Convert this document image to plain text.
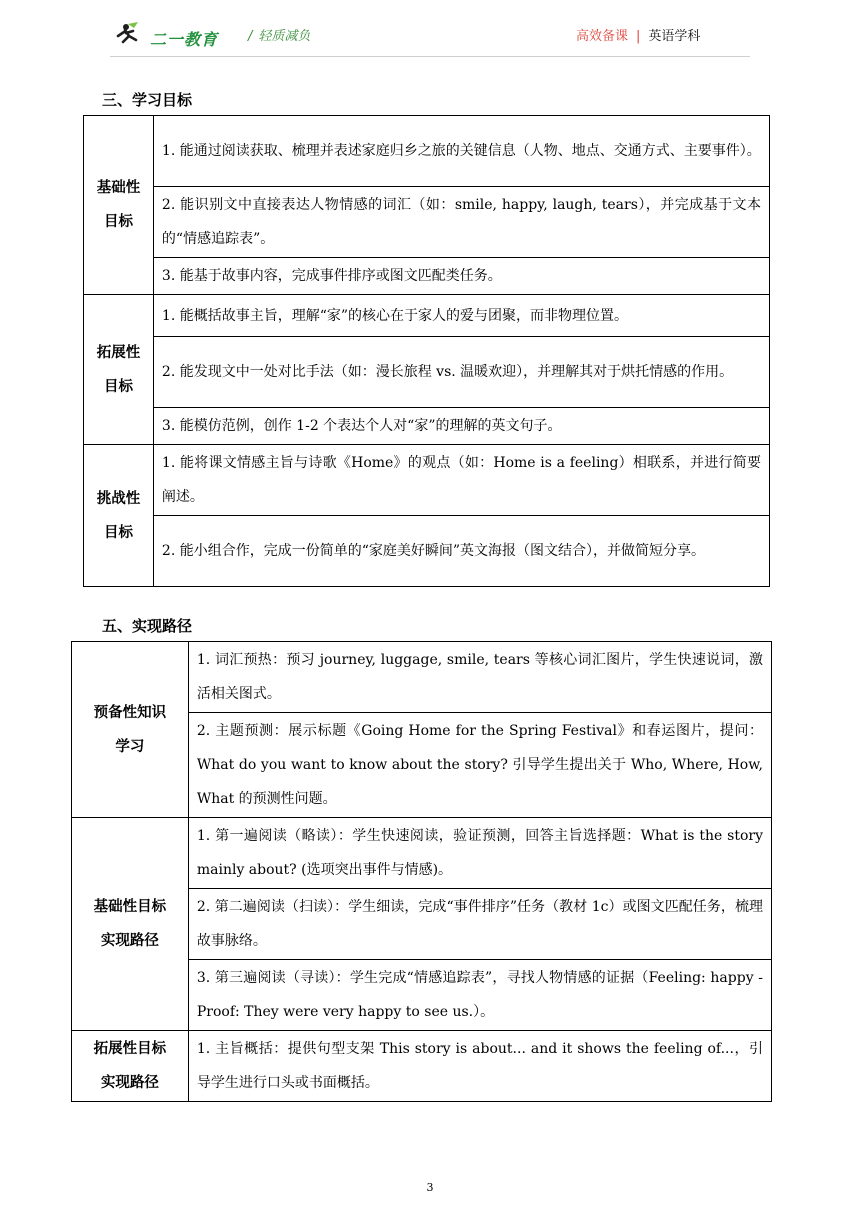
二一教育 / 轻质减负	高效备课 | 英语学科
三、学习目标
基础性
目标	1. 能通过阅读获取、梳理并表述家庭归乡之旅的关键信息（人物、地点、交通方式、主要事件）。
	2. 能识别文中直接表达人物情感的词汇（如：smile, happy, laugh, tears），并完成基于文本的“情感追踪表”。
	3. 能基于故事内容，完成事件排序或图文匹配类任务。
拓展性
目标	1. 能概括故事主旨，理解“家”的核心在于家人的爱与团聚，而非物理位置。
	2. 能发现文中一处对比手法（如：漫长旅程 vs. 温暖欢迎），并理解其对于烘托情感的作用。
	3. 能模仿范例，创作 1-2 个表达个人对“家”的理解的英文句子。
挑战性
目标	1. 能将课文情感主旨与诗歌《Home》的观点（如：Home is a feeling）相联系，并进行简要阐述。
	2. 能小组合作，完成一份简单的“家庭美好瞬间”英文海报（图文结合），并做简短分享。
五、实现路径
预备性知识
学习	1. 词汇预热：预习 journey, luggage, smile, tears 等核心词汇图片，学生快速说词，激活相关图式。
	2. 主题预测：展示标题《Going Home for the Spring Festival》和春运图片，提问：What do you want to know about the story? 引导学生提出关于 Who, Where, How, What 的预测性问题。
基础性目标
实现路径	1. 第一遍阅读（略读）：学生快速阅读，验证预测，回答主旨选择题：What is the story mainly about? (选项突出事件与情感)。
	2. 第二遍阅读（扫读）：学生细读，完成“事件排序”任务（教材 1c）或图文匹配任务，梳理故事脉络。
	3. 第三遍阅读（寻读）：学生完成“情感追踪表”，寻找人物情感的证据（Feeling: happy - Proof: They were very happy to see us.）。
拓展性目标
实现路径	1. 主旨概括：提供句型支架 This story is about... and it shows the feeling of...，引导学生进行口头或书面概括。
3
